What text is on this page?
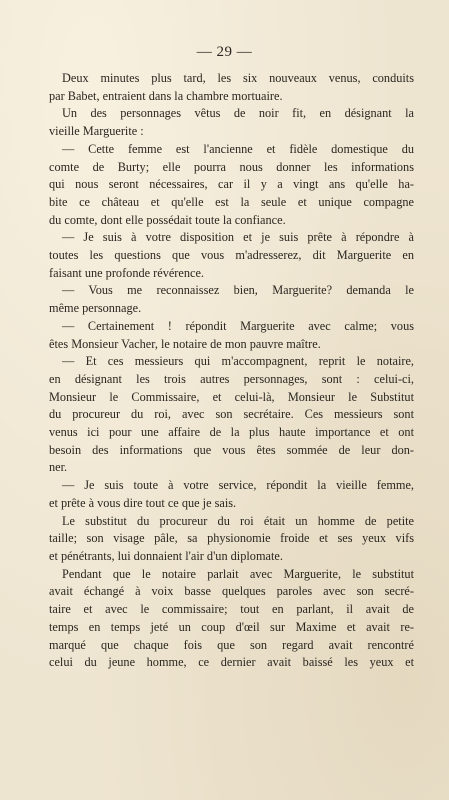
— 29 —
Deux minutes plus tard, les six nouveaux venus, conduits
par Babet, entraient dans la chambre mortuaire.
Un des personnages vêtus de noir fit, en désignant la
vieille Marguerite :
— Cette femme est l'ancienne et fidèle domestique du
comte de Burty; elle pourra nous donner les informations
qui nous seront nécessaires, car il y a vingt ans qu'elle ha-
bite ce château et qu'elle est la seule et unique compagne
du comte, dont elle possédait toute la confiance.
— Je suis à votre disposition et je suis prête à répondre à
toutes les questions que vous m'adresserez, dit Marguerite en
faisant une profonde révérence.
— Vous me reconnaissez bien, Marguerite? demanda le
même personnage.
— Certainement ! répondit Marguerite avec calme; vous
êtes Monsieur Vacher, le notaire de mon pauvre maître.
— Et ces messieurs qui m'accompagnent, reprit le notaire,
en désignant les trois autres personnages, sont : celui-ci,
Monsieur le Commissaire, et celui-là, Monsieur le Substitut
du procureur du roi, avec son secrétaire. Ces messieurs sont
venus ici pour une affaire de la plus haute importance et ont
besoin des informations que vous êtes sommée de leur don-
ner.
— Je suis toute à votre service, répondit la vieille femme,
et prête à vous dire tout ce que je sais.
Le substitut du procureur du roi était un homme de petite
taille; son visage pâle, sa physionomie froide et ses yeux vifs
et pénétrants, lui donnaient l'air d'un diplomate.
Pendant que le notaire parlait avec Marguerite, le substitut
avait échangé à voix basse quelques paroles avec son secré-
taire et avec le commissaire; tout en parlant, il avait de
temps en temps jeté un coup d'œil sur Maxime et avait re-
marqué que chaque fois que son regard avait rencontré
celui du jeune homme, ce dernier avait baissé les yeux et
